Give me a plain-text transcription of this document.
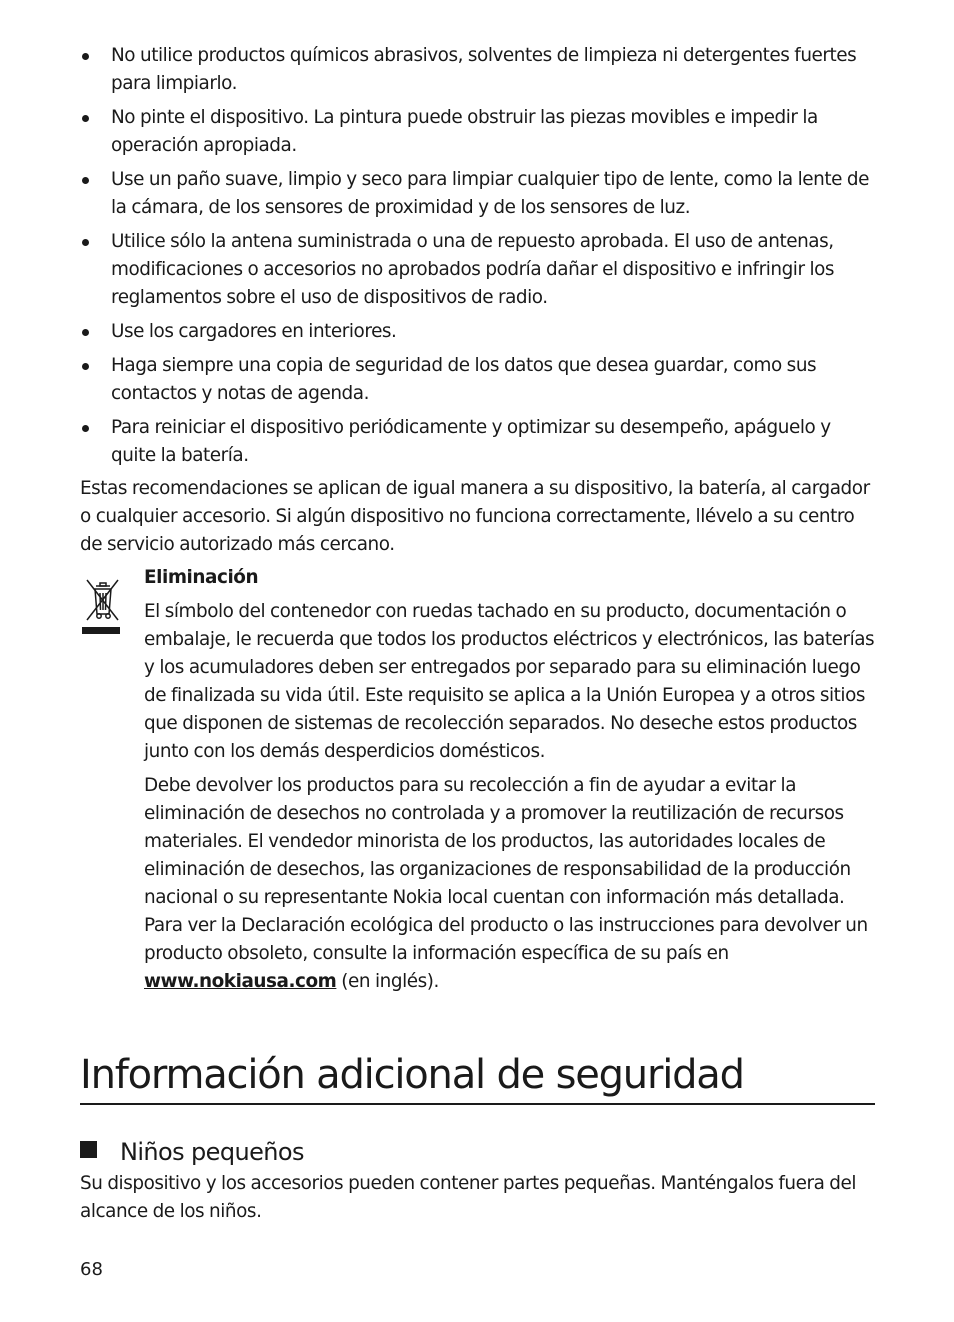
No utilice productos químicos abrasivos, solventes de limpieza ni detergentes fuertes para limpiarlo.
No pinte el dispositivo. La pintura puede obstruir las piezas movibles e impedir la operación apropiada.
Use un paño suave, limpio y seco para limpiar cualquier tipo de lente, como la lente de la cámara, de los sensores de proximidad y de los sensores de luz.
Utilice sólo la antena suministrada o una de repuesto aprobada. El uso de antenas, modificaciones o accesorios no aprobados podría dañar el dispositivo e infringir los reglamentos sobre el uso de dispositivos de radio.
Use los cargadores en interiores.
Haga siempre una copia de seguridad de los datos que desea guardar, como sus contactos y notas de agenda.
Para reiniciar el dispositivo periódicamente y optimizar su desempeño, apáguelo y quite la batería.

Estas recomendaciones se aplican de igual manera a su dispositivo, la batería, al cargador o cualquier accesorio. Si algún dispositivo no funciona correctamente, llévelo a su centro de servicio autorizado más cercano.

Eliminación

El símbolo del contenedor con ruedas tachado en su producto, documentación o embalaje, le recuerda que todos los productos eléctricos y electrónicos, las baterías y los acumuladores deben ser entregados por separado para su eliminación luego de finalizada su vida útil. Este requisito se aplica a la Unión Europea y a otros sitios que disponen de sistemas de recolección separados. No deseche estos productos junto con los demás desperdicios domésticos.

Debe devolver los productos para su recolección a fin de ayudar a evitar la eliminación de desechos no controlada y a promover la reutilización de recursos materiales. El vendedor minorista de los productos, las autoridades locales de eliminación de desechos, las organizaciones de responsabilidad de la producción nacional o su representante Nokia local cuentan con información más detallada. Para ver la Declaración ecológica del producto o las instrucciones para devolver un producto obsoleto, consulte la información específica de su país en www.nokiausa.com (en inglés).

Información adicional de seguridad
Niños pequeños

Su dispositivo y los accesorios pueden contener partes pequeñas. Manténgalos fuera del alcance de los niños.

68
